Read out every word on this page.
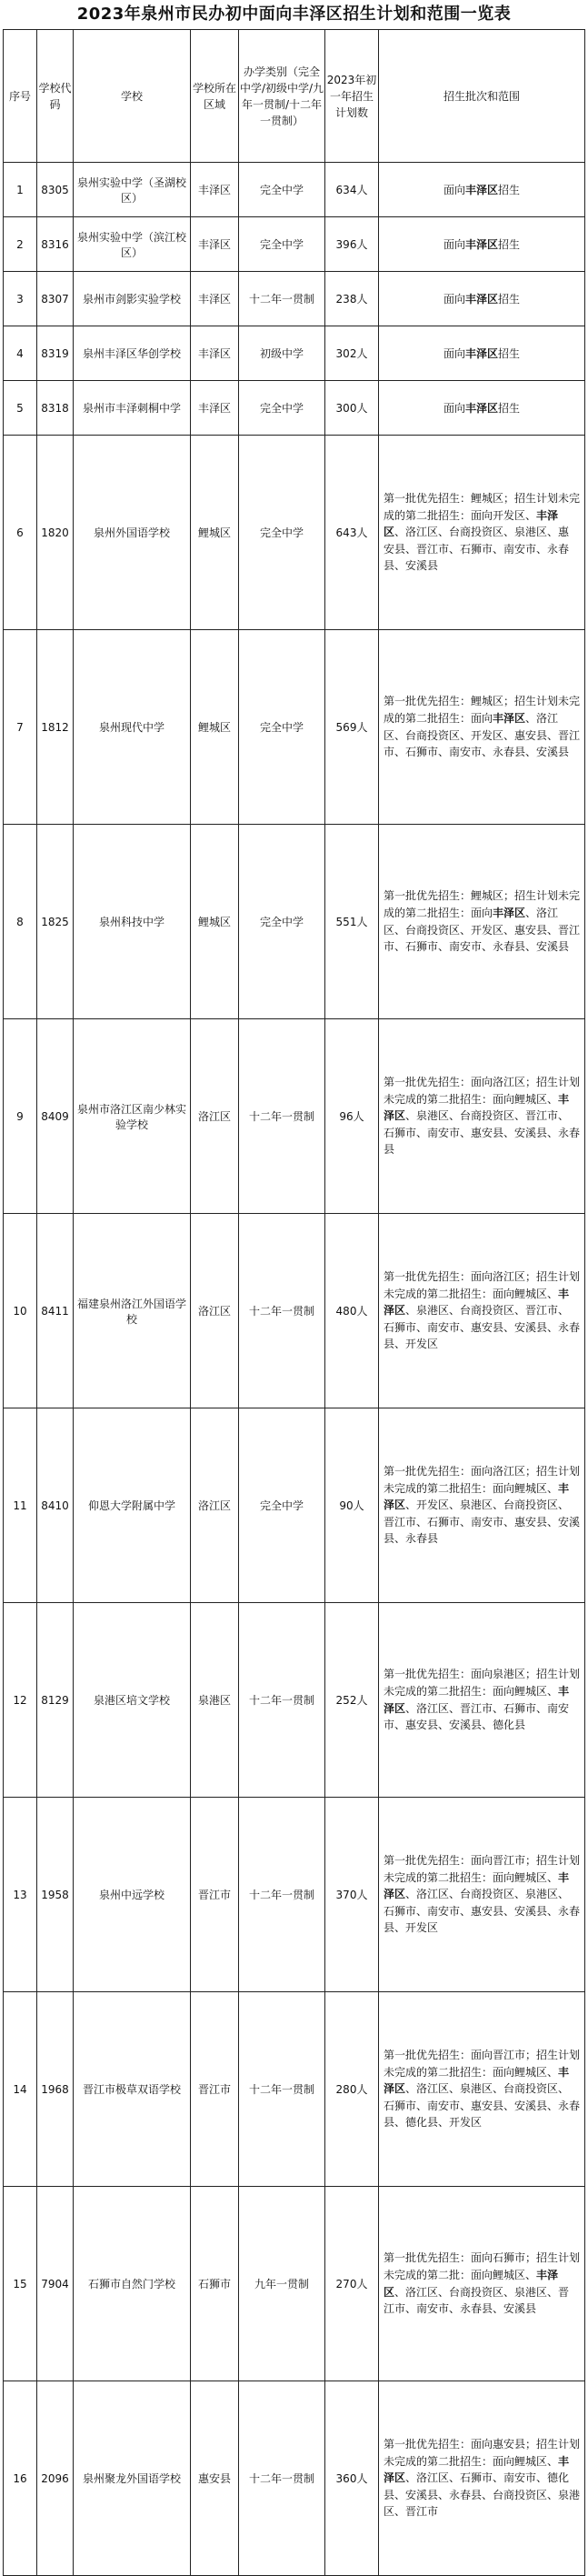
2023年泉州市民办初中面向丰泽区招生计划和范围一览表
序号	学校代码	学校	学校所在区域	办学类别（完全中学/初级中学/九年一贯制/十二年一贯制）	2023年初一年招生计划数	招生批次和范围
1	8305	泉州实验中学（圣湖校区）	丰泽区	完全中学	634人	面向丰泽区招生
2	8316	泉州实验中学（滨江校区）	丰泽区	完全中学	396人	面向丰泽区招生
3	8307	泉州市剑影实验学校	丰泽区	十二年一贯制	238人	面向丰泽区招生
4	8319	泉州丰泽区华创学校	丰泽区	初级中学	302人	面向丰泽区招生
5	8318	泉州市丰泽刺桐中学	丰泽区	完全中学	300人	面向丰泽区招生
6	1820	泉州外国语学校	鲤城区	完全中学	643人	第一批优先招生：鲤城区；招生计划未完成的第二批招生：面向开发区、丰泽区、洛江区、台商投资区、泉港区、惠安县、晋江市、石狮市、南安市、永春县、安溪县
7	1812	泉州现代中学	鲤城区	完全中学	569人	第一批优先招生：鲤城区；招生计划未完成的第二批招生：面向丰泽区、洛江区、台商投资区、开发区、惠安县、晋江市、石狮市、南安市、永春县、安溪县
8	1825	泉州科技中学	鲤城区	完全中学	551人	第一批优先招生：鲤城区；招生计划未完成的第二批招生：面向丰泽区、洛江区、台商投资区、开发区、惠安县、晋江市、石狮市、南安市、永春县、安溪县
9	8409	泉州市洛江区南少林实验学校	洛江区	十二年一贯制	96人	第一批优先招生：面向洛江区；招生计划未完成的第二批招生：面向鲤城区、丰泽区、泉港区、台商投资区、晋江市、石狮市、南安市、惠安县、安溪县、永春县
10	8411	福建泉州洛江外国语学校	洛江区	十二年一贯制	480人	第一批优先招生：面向洛江区；招生计划未完成的第二批招生：面向鲤城区、丰泽区、泉港区、台商投资区、晋江市、石狮市、南安市、惠安县、安溪县、永春县、开发区
11	8410	仰恩大学附属中学	洛江区	完全中学	90人	第一批优先招生：面向洛江区；招生计划未完成的第二批招生：面向鲤城区、丰泽区、开发区、泉港区、台商投资区、晋江市、石狮市、南安市、惠安县、安溪县、永春县
12	8129	泉港区培文学校	泉港区	十二年一贯制	252人	第一批优先招生：面向泉港区；招生计划未完成的第二批招生：面向鲤城区、丰泽区、洛江区、晋江市、石狮市、南安市、惠安县、安溪县、德化县
13	1958	泉州中远学校	晋江市	十二年一贯制	370人	第一批优先招生：面向晋江市；招生计划未完成的第二批招生：面向鲤城区、丰泽区、洛江区、台商投资区、泉港区、石狮市、南安市、惠安县、安溪县、永春县、开发区
14	1968	晋江市极草双语学校	晋江市	十二年一贯制	280人	第一批优先招生：面向晋江市；招生计划未完成的第二批招生：面向鲤城区、丰泽区、洛江区、泉港区、台商投资区、石狮市、南安市、惠安县、安溪县、永春县、德化县、开发区
15	7904	石狮市自然门学校	石狮市	九年一贯制	270人	第一批优先招生：面向石狮市；招生计划未完成的第二批：面向鲤城区、丰泽区、洛江区、台商投资区、泉港区、晋江市、南安市、永春县、安溪县
16	2096	泉州聚龙外国语学校	惠安县	十二年一贯制	360人	第一批优先招生：面向惠安县；招生计划未完成的第二批招生：面向鲤城区、丰泽区、洛江区、石狮市、南安市、德化县、安溪县、永春县、台商投资区、泉港区、晋江市
